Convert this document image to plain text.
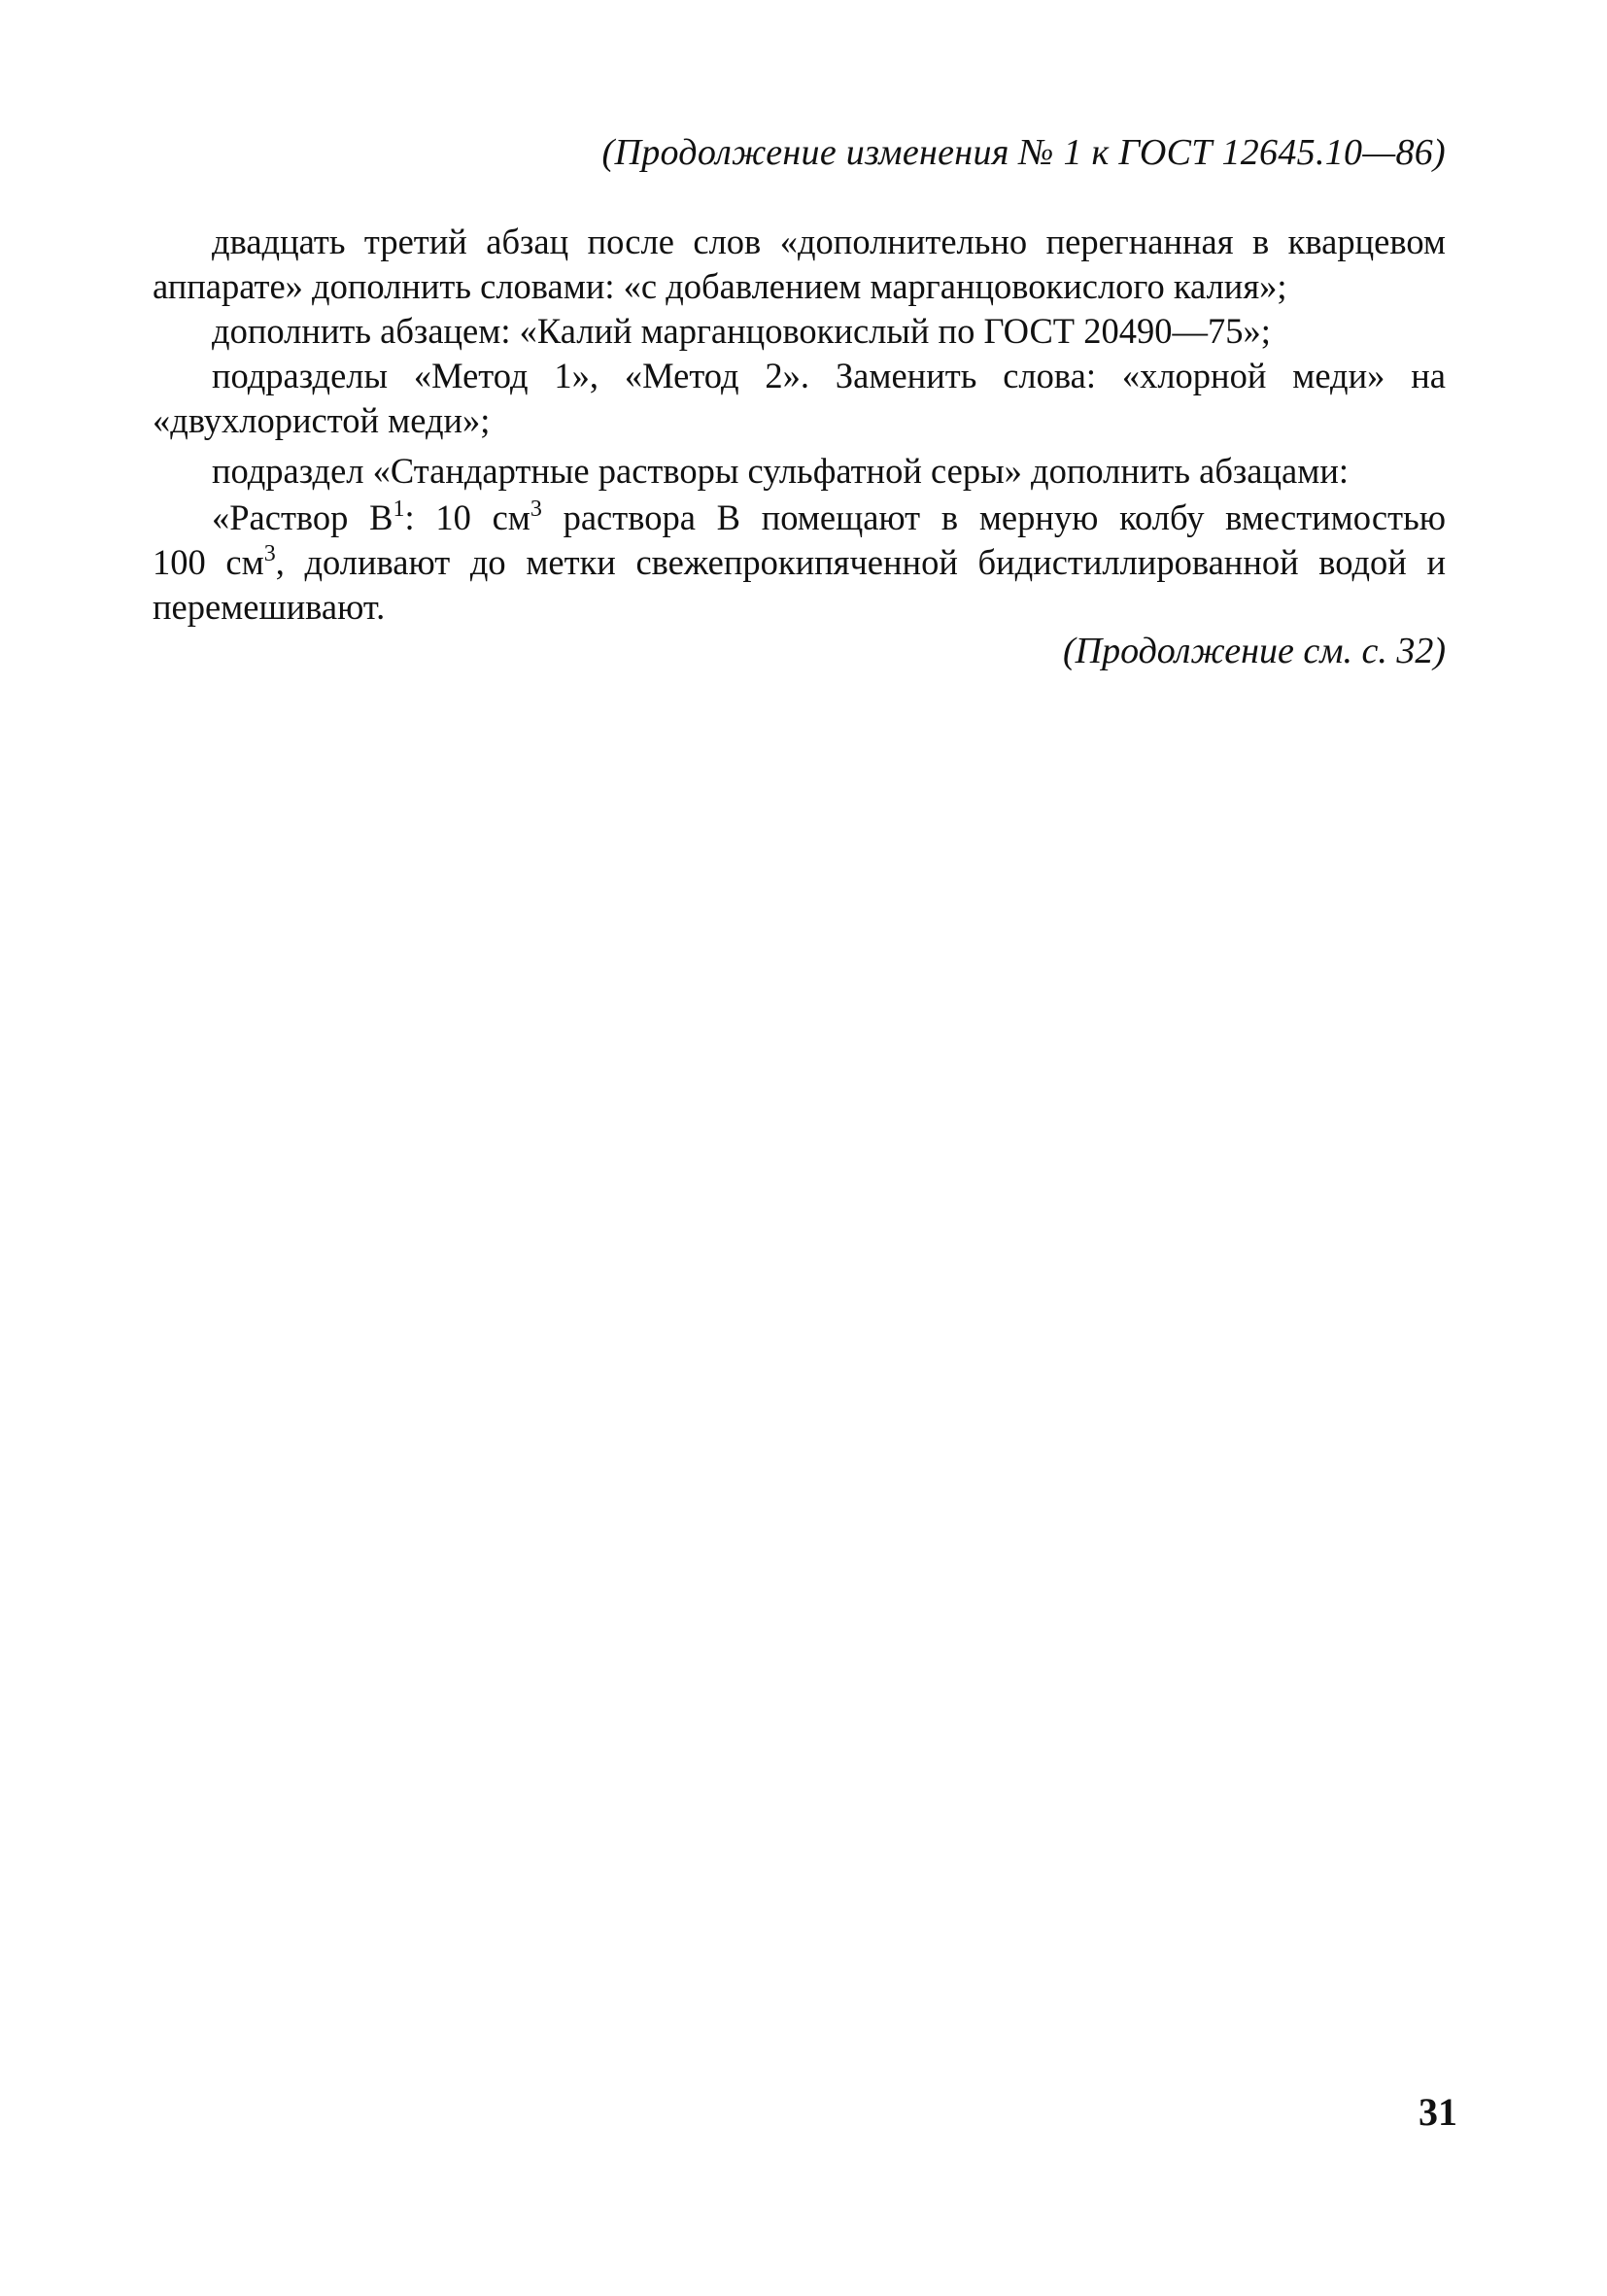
(Продолжение изменения № 1 к ГОСТ 12645.10—86)
двадцать третий абзац после слов «дополнительно перегнанная в кварцевом
аппарате» дополнить словами: «с добавлением марганцовокислого калия»;
дополнить абзацем: «Калий марганцовокислый по ГОСТ 20490—75»;
подразделы «Метод 1», «Метод 2». Заменить слова: «хлорной меди» на
«двухлористой меди»;
подраздел «Стандартные растворы сульфатной серы» дополнить абзацами:
«Раствор $В^1$: 10 $см^3$ раствора В помещают в мерную колбу вместимостью
100 $см^3$, доливают до метки свежепрокипяченной бидистиллированной водой и
перемешивают.
(Продолжение см. с. 32)
31
